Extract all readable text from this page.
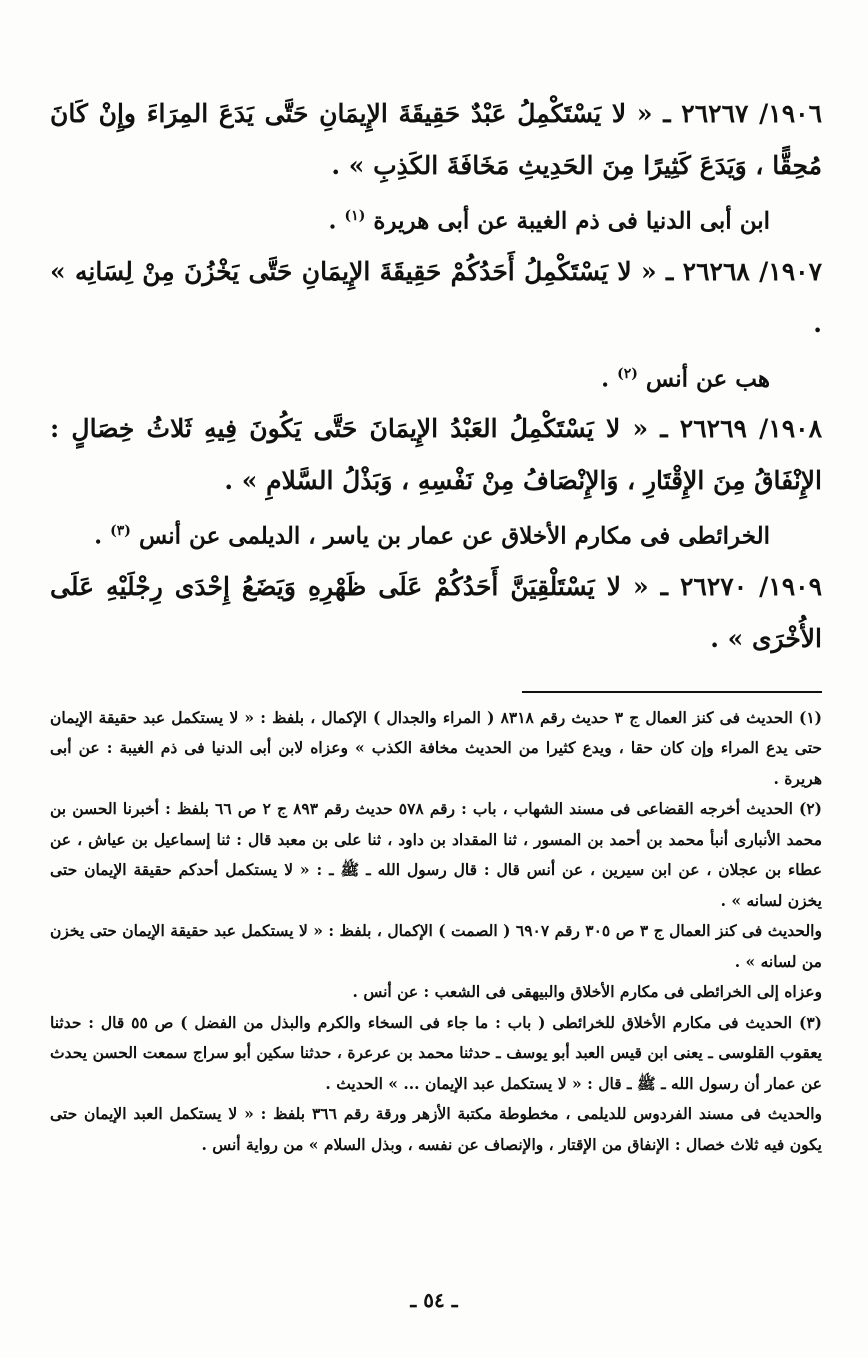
١٩٠٦/ ٢٦٢٦٧ ـ « لا يَسْتَكْمِلُ عَبْدٌ حَقِيقَةَ الإِيمَانِ حَتَّى يَدَعَ المِرَاءَ وإِنْ كَانَ مُحِقًّا ، وَيَدَعَ كَثِيرًا مِنَ الحَدِيثِ مَخَافَةَ الكَذِبِ » .

ابن أبى الدنيا فى ذم الغيبة عن أبى هريرة $^{(١)}$ .

١٩٠٧/ ٢٦٢٦٨ ـ « لا يَسْتَكْمِلُ أَحَدُكُمْ حَقِيقَةَ الإِيمَانِ حَتَّى يَخْزُنَ مِنْ لِسَانِه » .

هب عن أنس $^{(٢)}$ .

١٩٠٨/ ٢٦٢٦٩ ـ « لا يَسْتَكْمِلُ العَبْدُ الإِيمَانَ حَتَّى يَكُونَ فِيهِ ثَلاثُ خِصَالٍ : الإِنْفَاقُ مِنَ الإِقْتَارِ ، وَالإِنْصَافُ مِنْ نَفْسِهِ ، وَبَذْلُ السَّلامِ » .

الخرائطى فى مكارم الأخلاق عن عمار بن ياسر ، الديلمى عن أنس $^{(٣)}$ .

١٩٠٩/ ٢٦٢٧٠ ـ « لا يَسْتَلْقِيَنَّ أَحَدُكُمْ عَلَى ظَهْرِهِ وَيَضَعُ إِحْدَى رِجْلَيْهِ عَلَى الأُخْرَى » .

(١) الحديث فى كنز العمال ج ٣ حديث رقم ٨٣١٨ ( المراء والجدال ) الإكمال ، بلفظ : « لا يستكمل عبد حقيقة الإيمان حتى يدع المراء وإن كان حقا ، ويدع كثيرا من الحديث مخافة الكذب » وعزاه لابن أبى الدنيا فى ذم الغيبة : عن أبى هريرة .

(٢) الحديث أخرجه القضاعى فى مسند الشهاب ، باب : رقم ٥٧٨ حديث رقم ٨٩٣ ج ٢ ص ٦٦ بلفظ : أخبرنا الحسن بن محمد الأنبارى أنبأ محمد بن أحمد بن المسور ، ثنا المقداد بن داود ، ثنا على بن معبد قال : ثنا إسماعيل بن عياش ، عن عطاء بن عجلان ، عن ابن سيرين ، عن أنس قال : قال رسول الله ـ ﷺ ـ : « لا يستكمل أحدكم حقيقة الإيمان حتى يخزن لسانه » .

والحديث فى كنز العمال ج ٣ ص ٣٠٥ رقم ٦٩٠٧ ( الصمت ) الإكمال ، بلفظ : « لا يستكمل عبد حقيقة الإيمان حتى يخزن من لسانه » .

وعزاه إلى الخرائطى فى مكارم الأخلاق والبيهقى فى الشعب : عن أنس .

(٣) الحديث فى مكارم الأخلاق للخرائطى ( باب : ما جاء فى السخاء والكرم والبذل من الفضل ) ص ٥٥ قال : حدثنا يعقوب القلوسى ـ يعنى ابن قيس العبد أبو يوسف ـ حدثنا محمد بن عرعرة ، حدثنا سكين أبو سراج سمعت الحسن يحدث عن عمار أن رسول الله ـ ﷺ ـ قال : « لا يستكمل عبد الإيمان ... » الحديث .

والحديث فى مسند الفردوس للديلمى ، مخطوطة مكتبة الأزهر ورقة رقم ٣٦٦ بلفظ : « لا يستكمل العبد الإيمان حتى يكون فيه ثلاث خصال : الإنفاق من الإقتار ، والإنصاف عن نفسه ، وبذل السلام » من رواية أنس .

ـ ٥٤ ـ
